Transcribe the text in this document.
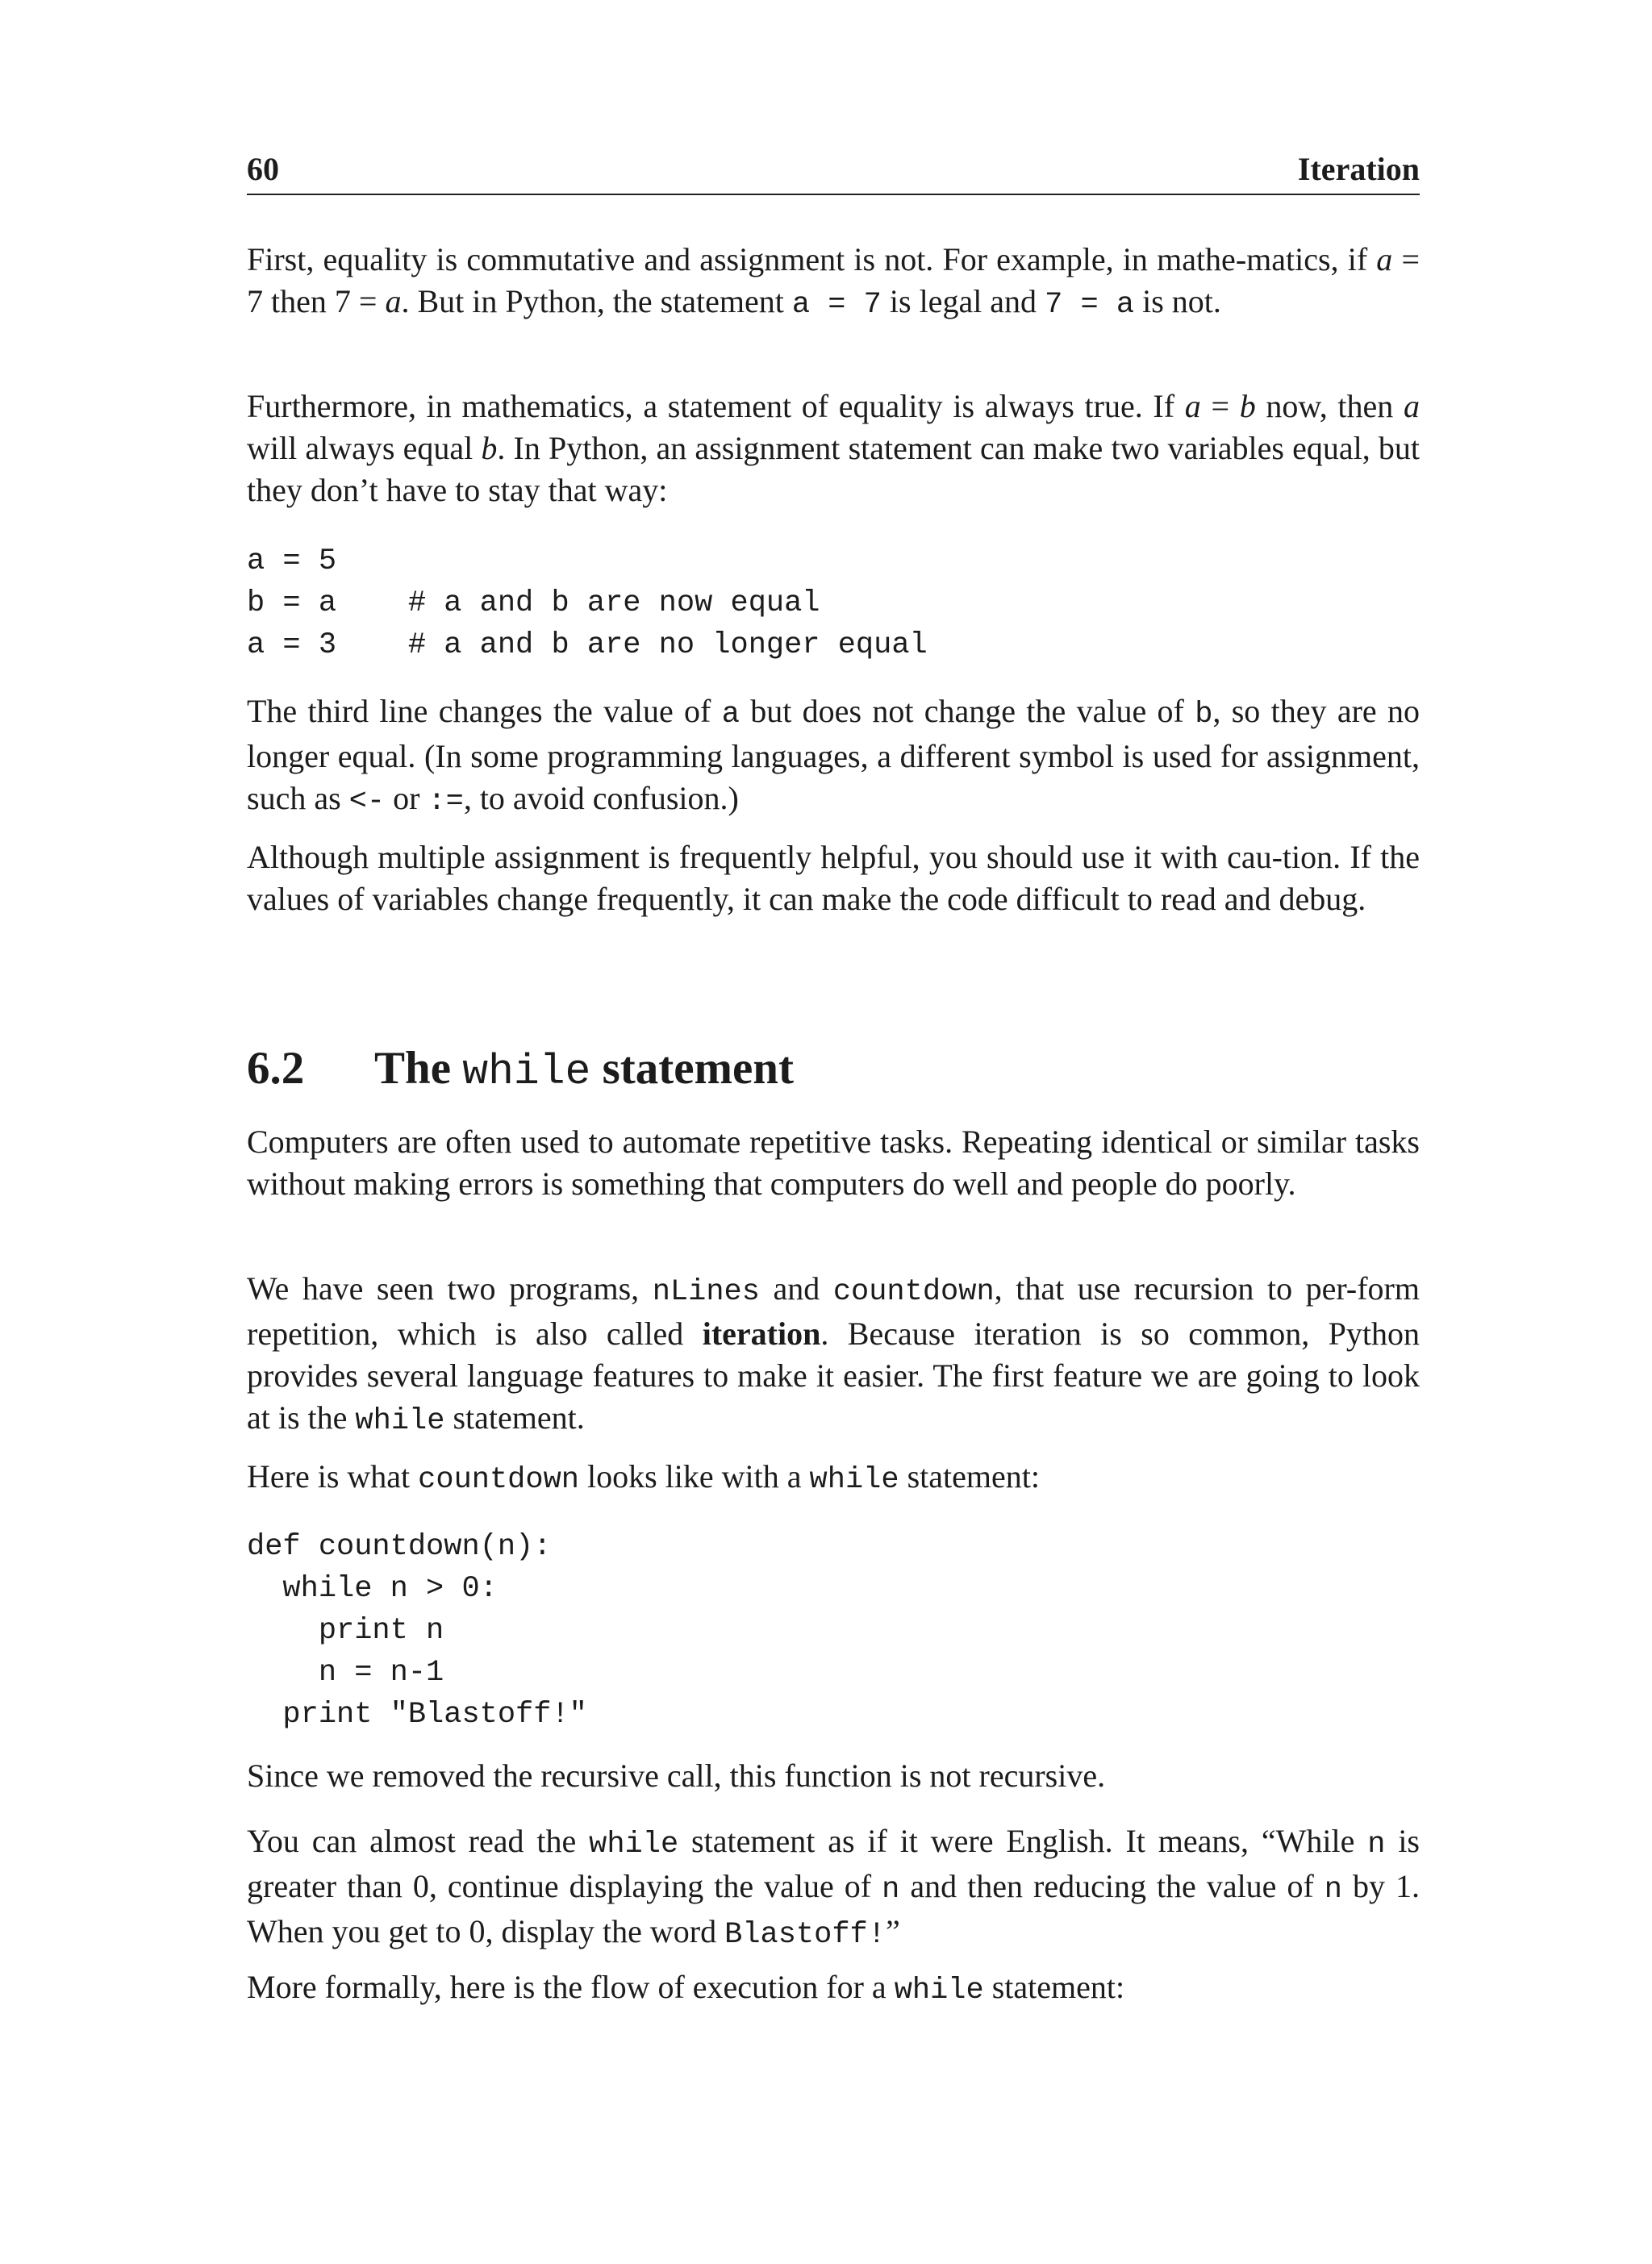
60	Iteration

First, equality is commutative and assignment is not. For example, in mathe-matics, if a = 7 then 7 = a. But in Python, the statement a = 7 is legal and 7 = a is not.

Furthermore, in mathematics, a statement of equality is always true. If a = b now, then a will always equal b. In Python, an assignment statement can make two variables equal, but they don’t have to stay that way:

a = 5
b = a    # a and b are now equal
a = 3    # a and b are no longer equal

The third line changes the value of a but does not change the value of b, so they are no longer equal. (In some programming languages, a different symbol is used for assignment, such as <- or :=, to avoid confusion.)

Although multiple assignment is frequently helpful, you should use it with cau-tion. If the values of variables change frequently, it can make the code difficult to read and debug.

6.2 The while statement

Computers are often used to automate repetitive tasks. Repeating identical or similar tasks without making errors is something that computers do well and people do poorly.

We have seen two programs, nLines and countdown, that use recursion to per-form repetition, which is also called iteration. Because iteration is so common, Python provides several language features to make it easier. The first feature we are going to look at is the while statement.

Here is what countdown looks like with a while statement:

def countdown(n):
while n > 0:
print n
n = n-1
print "Blastoff!"

Since we removed the recursive call, this function is not recursive.

You can almost read the while statement as if it were English. It means, “While n is greater than 0, continue displaying the value of n and then reducing the value of n by 1. When you get to 0, display the word Blastoff!”

More formally, here is the flow of execution for a while statement:
